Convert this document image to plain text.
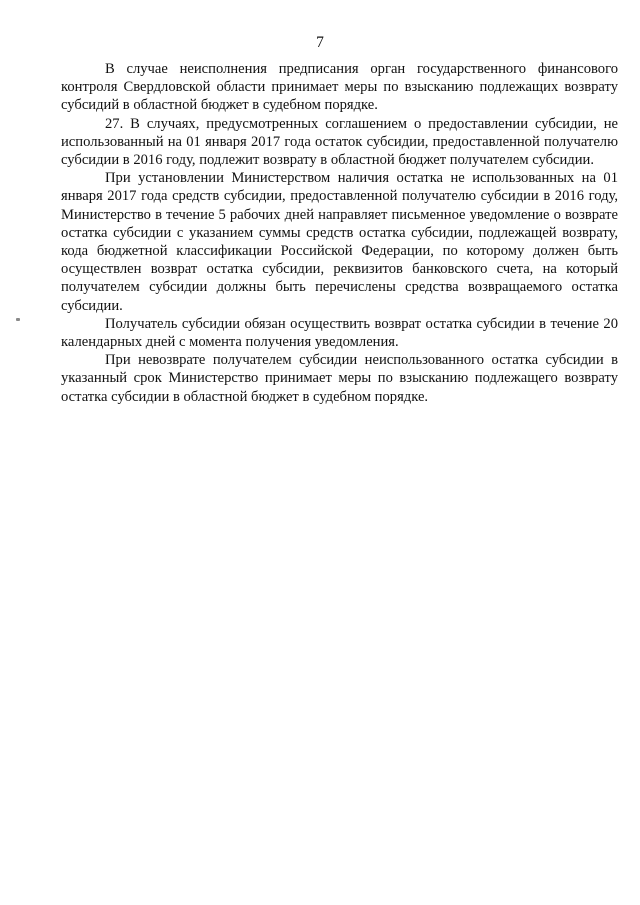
7

В случае неисполнения предписания орган государственного финансового контроля Свердловской области принимает меры по взысканию подлежащих возврату субсидий в областной бюджет в судебном порядке.

27. В случаях, предусмотренных соглашением о предоставлении субсидии, не использованный на 01 января 2017 года остаток субсидии, предоставленной получателю субсидии в 2016 году, подлежит возврату в областной бюджет получателем субсидии.

При установлении Министерством наличия остатка не использованных на 01 января 2017 года средств субсидии, предоставленной получателю субсидии в 2016 году, Министерство в течение 5 рабочих дней направляет письменное уведомление о возврате остатка субсидии с указанием суммы средств остатка субсидии, подлежащей возврату, кода бюджетной классификации Российской Федерации, по которому должен быть осуществлен возврат остатка субсидии, реквизитов банковского счета, на который получателем субсидии должны быть перечислены средства возвращаемого остатка субсидии.

Получатель субсидии обязан осуществить возврат остатка субсидии в течение 20 календарных дней с момента получения уведомления.

При невозврате получателем субсидии неиспользованного остатка субсидии в указанный срок Министерство принимает меры по взысканию подлежащего возврату остатка субсидии в областной бюджет в судебном порядке.
